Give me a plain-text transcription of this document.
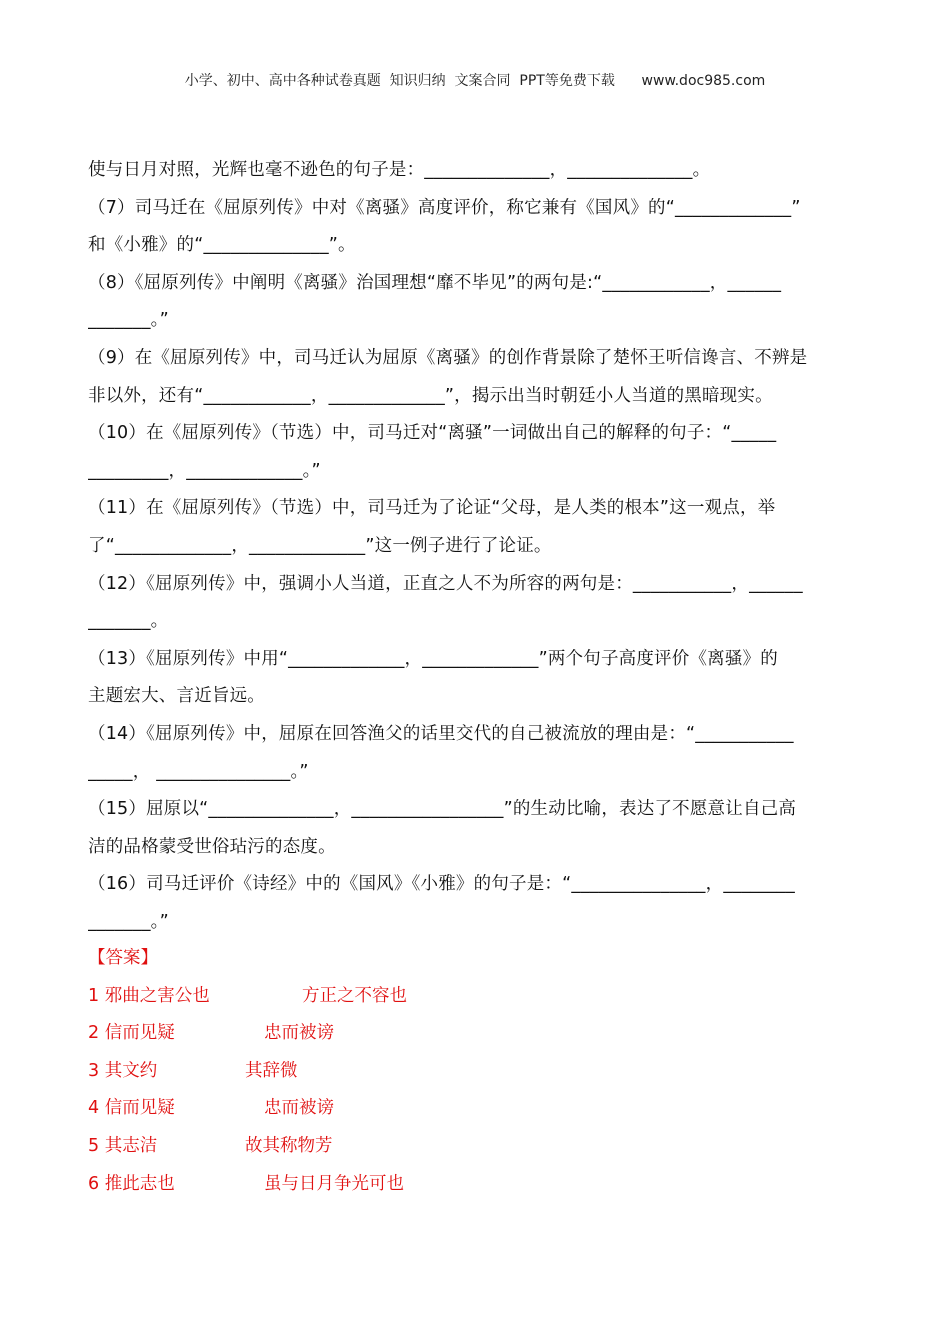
小学、初中、高中各种试卷真题  知识归纳  文案合同  PPT等免费下载      www.doc985.com
使与日月对照，光辉也毫不逊色的句子是：______________，______________。
（7）司马迁在《屈原列传》中对《离骚》高度评价，称它兼有《国风》的“_____________”
和《小雅》的“______________”。
（8）《屈原列传》中阐明《离骚》治国理想“靡不毕见”的两句是:“____________，______
_______。”
（9）在《屈原列传》中，司马迁认为屈原《离骚》的创作背景除了楚怀王听信谗言、不辨是
非以外，还有“____________，_____________”，揭示出当时朝廷小人当道的黑暗现实。
（10）在《屈原列传》（节选）中，司马迁对“离骚”一词做出自己的解释的句子：“_____
_________，_____________。”
（11）在《屈原列传》（节选）中，司马迁为了论证“父母，是人类的根本”这一观点，举
了“_____________，_____________”这一例子进行了论证。
（12）《屈原列传》中，强调小人当道，正直之人不为所容的两句是：___________，______
_______。
（13）《屈原列传》中用“_____________，_____________”两个句子高度评价《离骚》的
主题宏大、言近旨远。
（14）《屈原列传》中，屈原在回答渔父的话里交代的自己被流放的理由是：“___________
_____， _______________。”
（15）屈原以“______________，_________________”的生动比喻，表达了不愿意让自己高
洁的品格蒙受世俗玷污的态度。
（16）司马迁评价《诗经》中的《国风》《小雅》的句子是：“_______________，________
_______。”
【答案】
1 邪曲之害公也	方正之不容也
2 信而见疑	忠而被谤
3 其文约	其辞微
4 信而见疑	忠而被谤
5 其志洁	故其称物芳
6 推此志也	虽与日月争光可也
